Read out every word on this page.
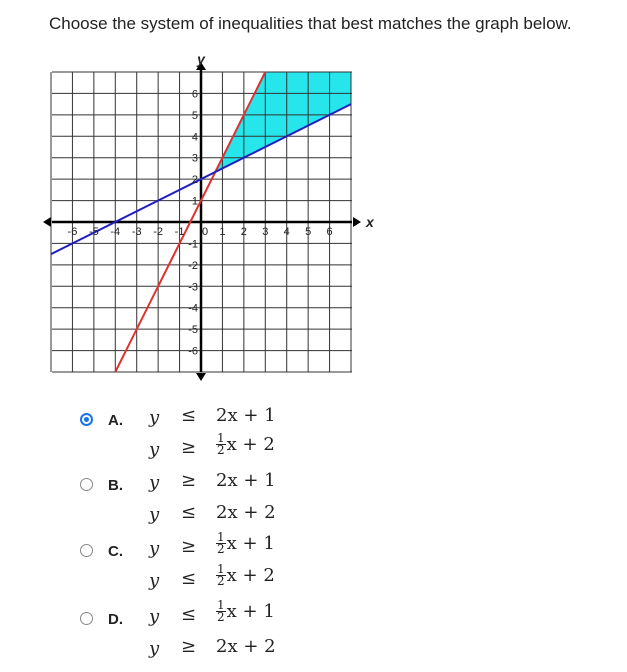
Choose the system of inequalities that best matches the graph below.
-6 -5 -4 -3 -2 -1 0 1 2 3 4 5 6
6
5
4
3
2
1
-1
-2
-3
-4
-5
-6
y
x
A. y ≤ 2x + 1
$y \ge \frac{1}{2}$ x + 2
B. y ≥ 2x + 1
y ≤ 2x + 2
C. $y \ge \frac{1}{2}$ x + 1
$y \le \frac{1}{2}$ x + 2
D. $y \le \frac{1}{2}$ x + 1
y ≥ 2x + 2
